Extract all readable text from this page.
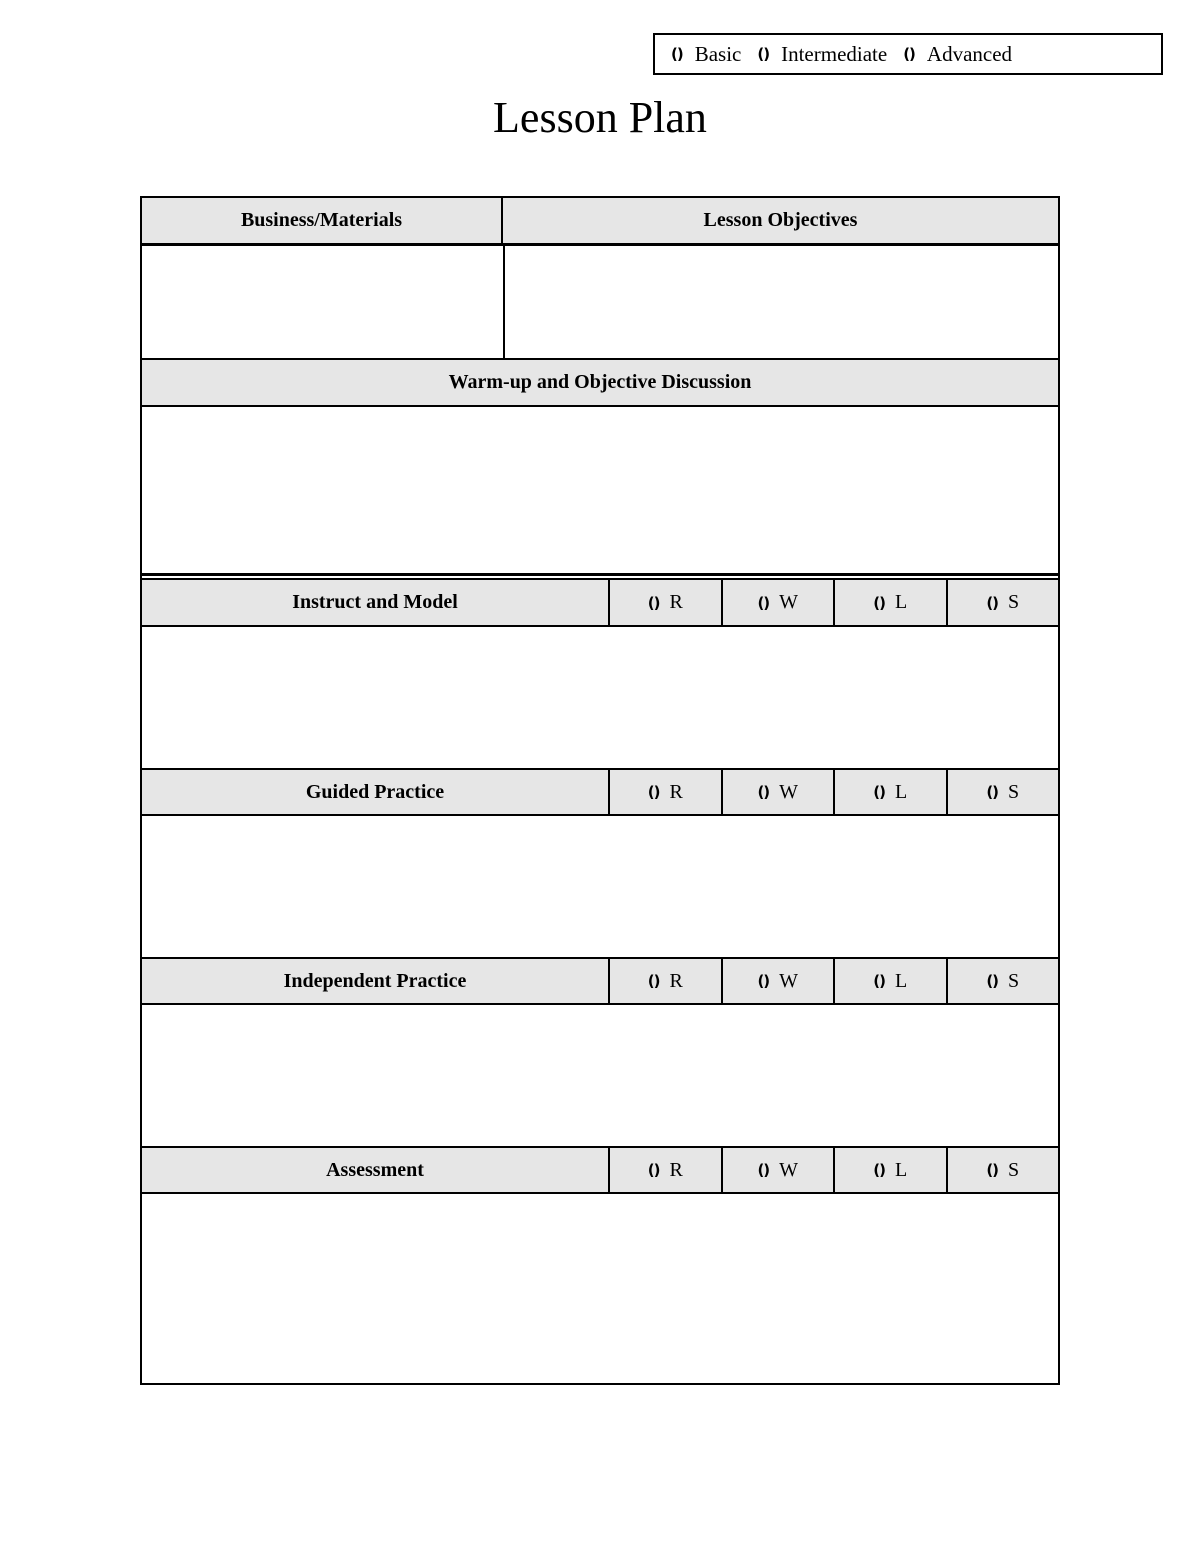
() Basic () Intermediate () Advanced
Lesson Plan
Business/Materials	Lesson Objectives
Warm-up and Objective Discussion
Instruct and Model	() R	() W	() L	() S
Guided Practice	() R	() W	() L	() S
Independent Practice	() R	() W	() L	() S
Assessment	() R	() W	() L	() S
